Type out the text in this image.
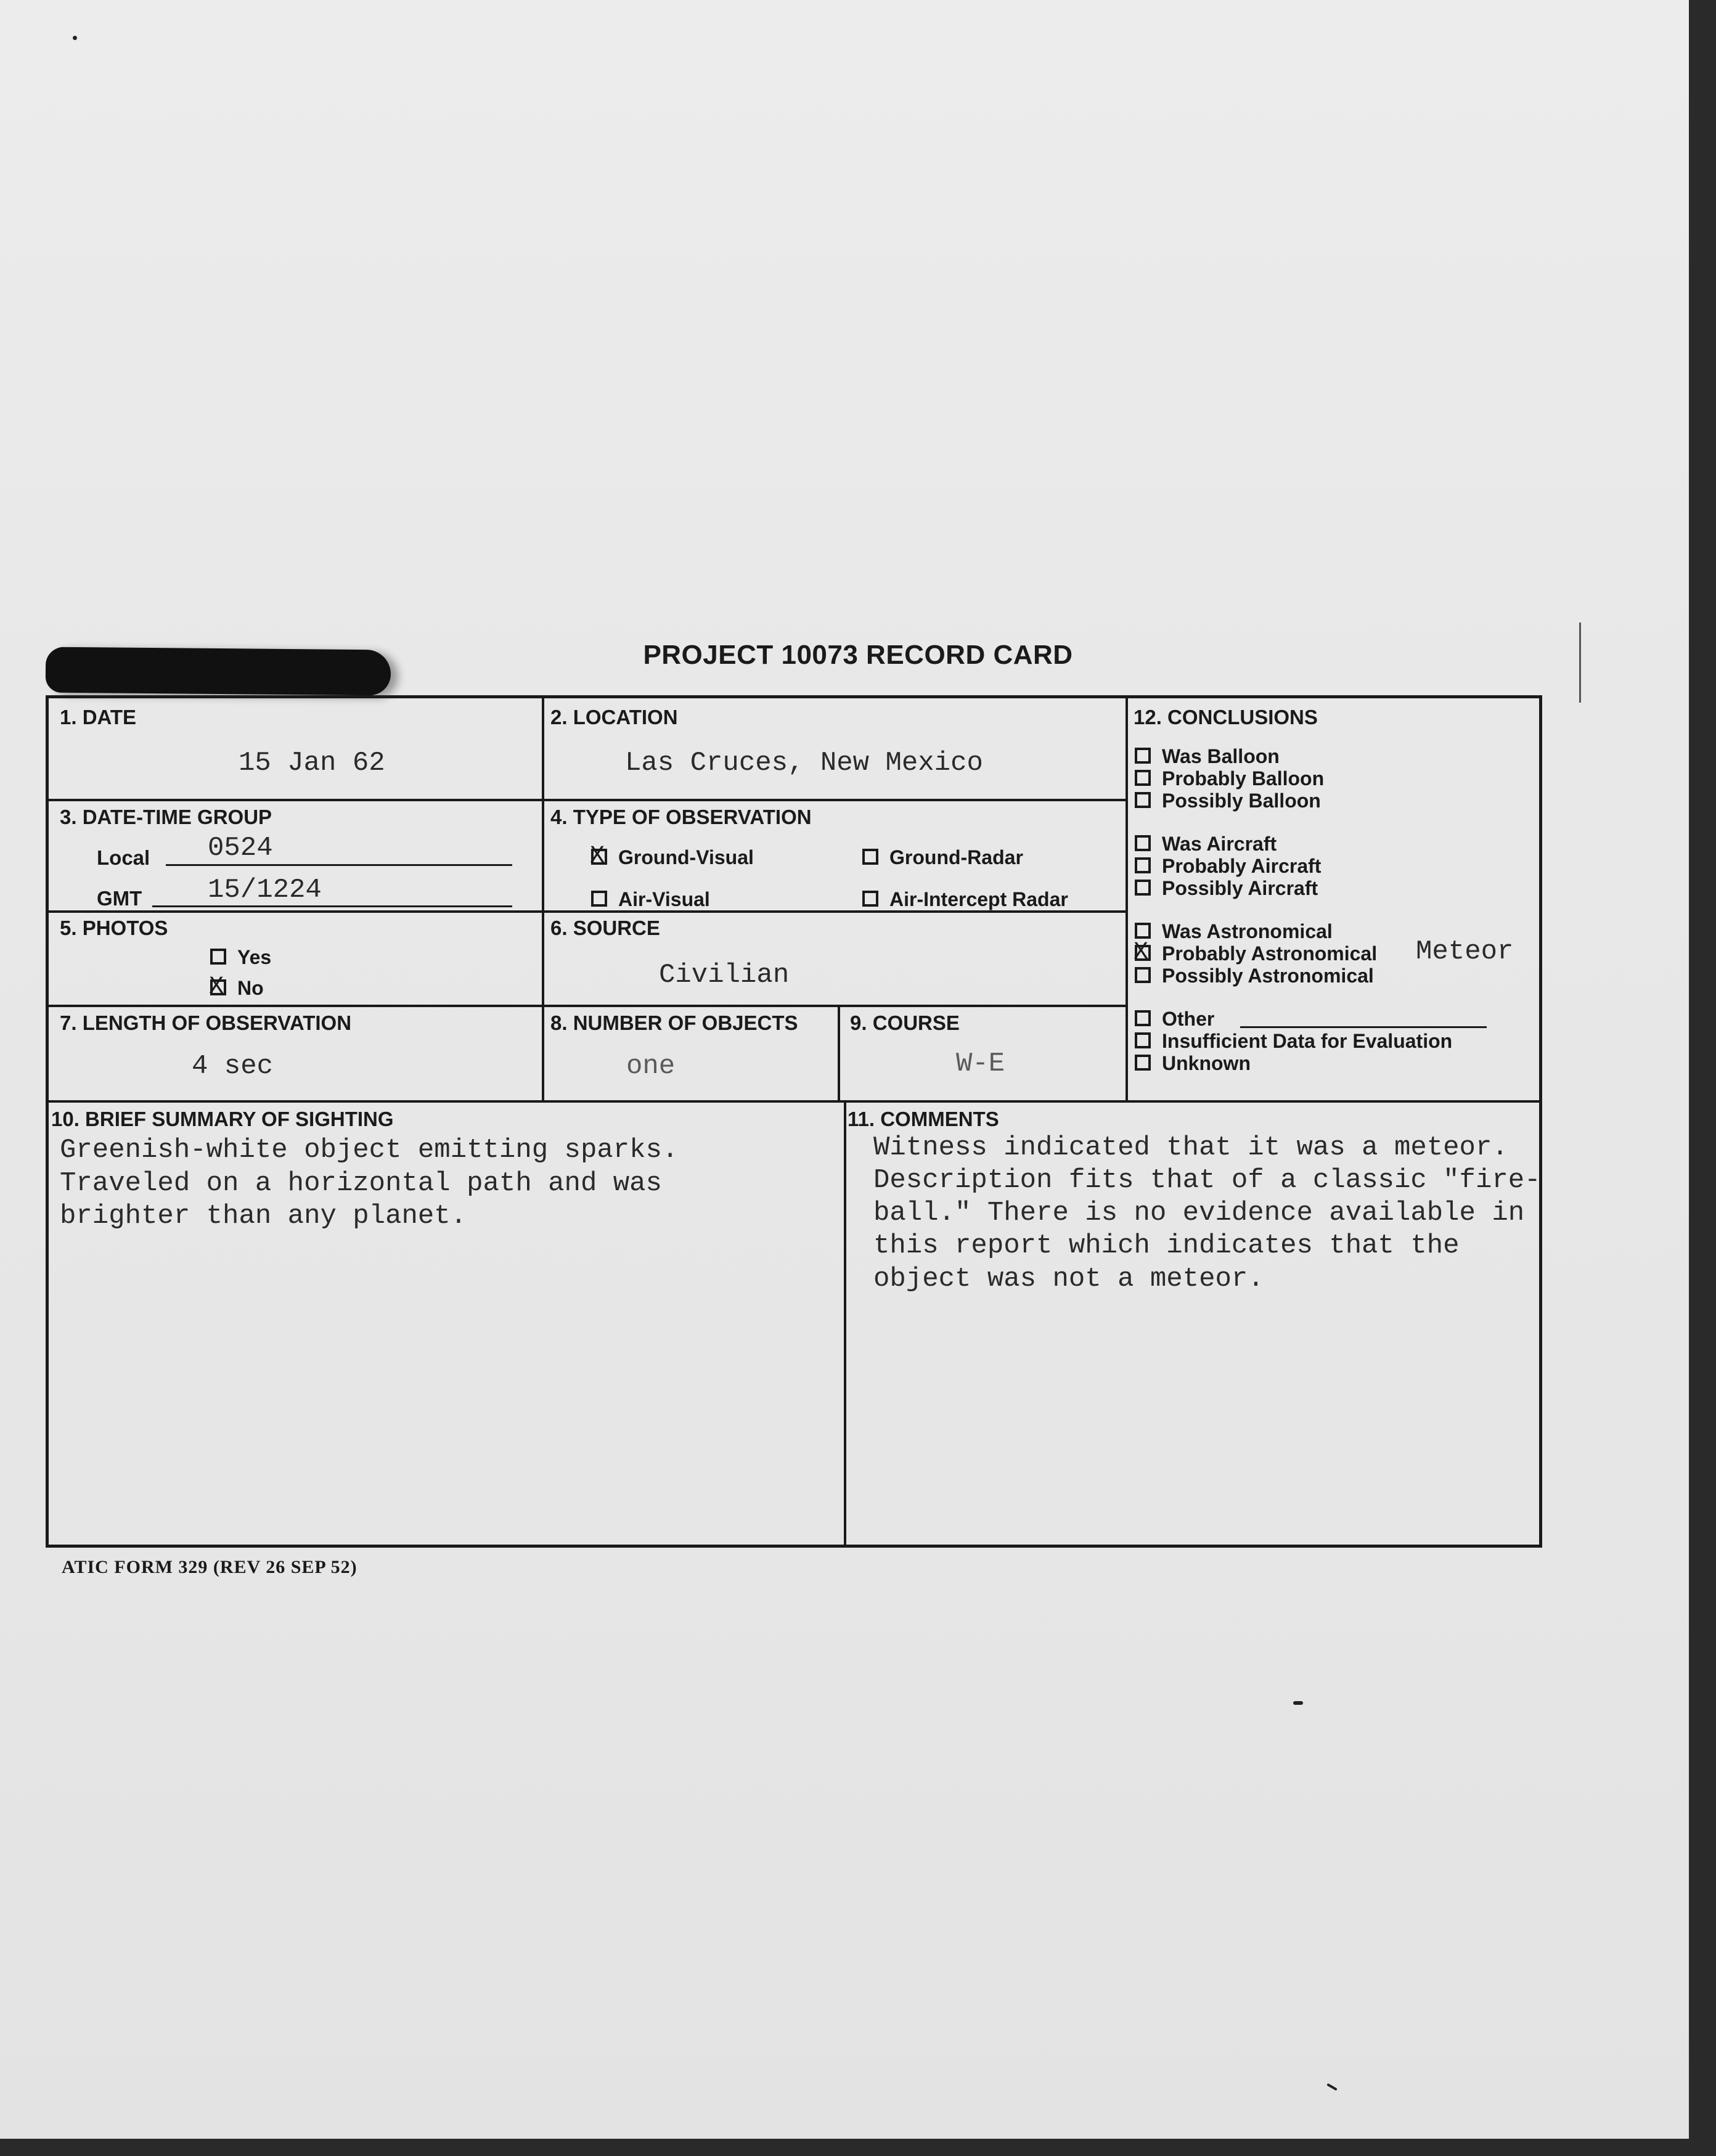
PROJECT 10073 RECORD CARD
1. DATE
15 Jan 62
2. LOCATION
Las Cruces, New Mexico
3. DATE-TIME GROUP
Local 0524
GMT 15/1224
4. TYPE OF OBSERVATION
XGround-Visual	Ground-Radar
Air-Visual	Air-Intercept Radar
5. PHOTOS
Yes
XNo
6. SOURCE
Civilian
7. LENGTH OF OBSERVATION
4 sec
8. NUMBER OF OBJECTS
one
9. COURSE
W-E
12. CONCLUSIONS
Was Balloon
Probably Balloon
Possibly Balloon
Was Aircraft
Probably Aircraft
Possibly Aircraft
Was Astronomical
XProbably Astronomical Meteor
Possibly Astronomical
Other
Insufficient Data for Evaluation
Unknown
10. BRIEF SUMMARY OF SIGHTING
Greenish-white object emitting sparks.
Traveled on a horizontal path and was
brighter than any planet.
11. COMMENTS
Witness indicated that it was a meteor.
Description fits that of a classic "fire-
ball." There is no evidence available in
this report which indicates that the
object was not a meteor.
ATIC FORM 329 (REV 26 SEP 52)
